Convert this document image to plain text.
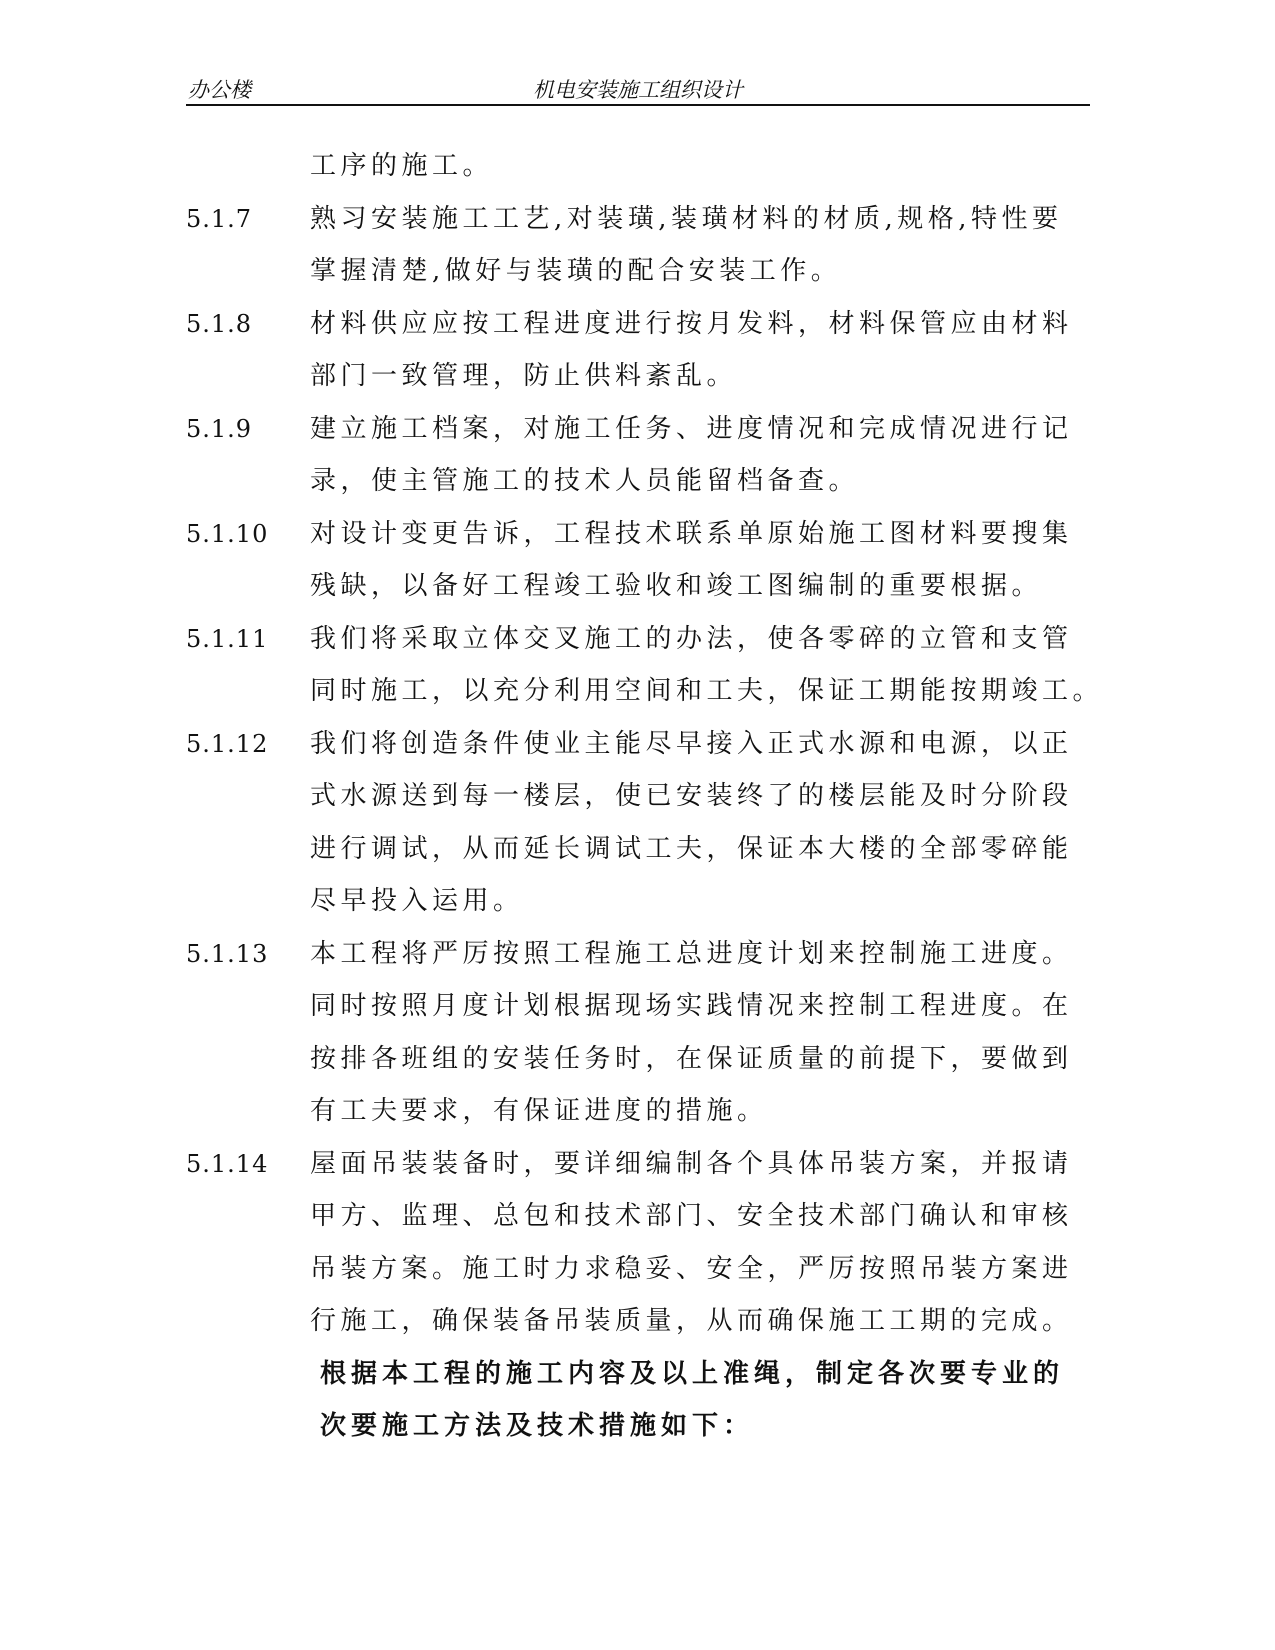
办公楼	机电安装施工组织设计
工序的施工。
5.1.7	熟习安装施工工艺,对装璜,装璜材料的材质,规格,特性要
掌握清楚,做好与装璜的配合安装工作。
5.1.8	材料供应应按工程进度进行按月发料，材料保管应由材料
部门一致管理，防止供料紊乱。
5.1.9	建立施工档案，对施工任务、进度情况和完成情况进行记
录，使主管施工的技术人员能留档备查。
5.1.10	对设计变更告诉，工程技术联系单原始施工图材料要搜集
残缺，以备好工程竣工验收和竣工图编制的重要根据。
5.1.11	我们将采取立体交叉施工的办法，使各零碎的立管和支管
同时施工，以充分利用空间和工夫，保证工期能按期竣工。
5.1.12	我们将创造条件使业主能尽早接入正式水源和电源，以正
式水源送到每一楼层，使已安装终了的楼层能及时分阶段
进行调试，从而延长调试工夫，保证本大楼的全部零碎能
尽早投入运用。
5.1.13	本工程将严厉按照工程施工总进度计划来控制施工进度。
同时按照月度计划根据现场实践情况来控制工程进度。在
按排各班组的安装任务时，在保证质量的前提下，要做到
有工夫要求，有保证进度的措施。
5.1.14	屋面吊装装备时，要详细编制各个具体吊装方案，并报请
甲方、监理、总包和技术部门、安全技术部门确认和审核
吊装方案。施工时力求稳妥、安全，严厉按照吊装方案进
行施工，确保装备吊装质量，从而确保施工工期的完成。
根据本工程的施工内容及以上准绳，制定各次要专业的
次要施工方法及技术措施如下：
